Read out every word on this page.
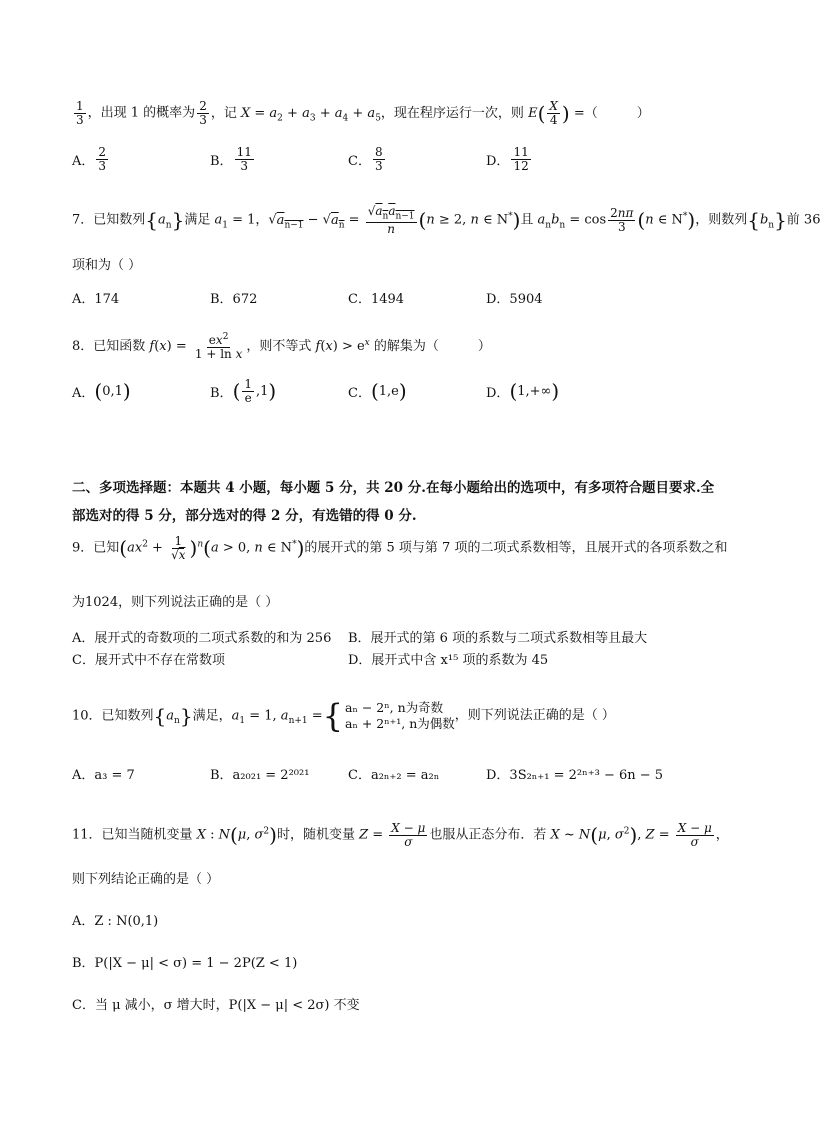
$\frac{1}{3}$ ，出现 1 的概率为 $\frac{2}{3}$ ，记 $X = a_2 + a_3 + a_4 + a_5$，现在程序运行一次，则 $E( \frac{X}{4}$ ) =（　　　）
A． $\frac{2}{3}$	B． $\frac{11}{3}$	C． $\frac{8}{3}$	D． $\frac{11}{12}$
7．已知数列$\{a_n\}$满足 $a_1 = 1$，$√a_{n-1} - √a_n = \frac{√a_na_{n-1}}{n} (n \ge 2$, n ∈ N*)且 $a_nb_n = \cos \frac{2n\pi}{3} (n$ ∈ N*)，则数列$\{b_n\}$前 36
项和为（ ）
A．174	B．672	C．1494	D．5904
8．已知函数 $f(x) = \frac{ex^2}{\text{1 + ln x}}$ ，则不等式 $f(x) > e^x$ 的解集为（　　　）
A． ( 0,1 )	B． ( $\frac{1}{e} ,1$ )	C． ( 1,e )	D． ( 1,+∞ )
二、多项选择题：本题共 4 小题，每小题 5 分，共 20 分.在每小题给出的选项中，有多项符合题目要求.全部选对的得 5 分，部分选对的得 2 分，有选错的得 0 分.
9．已知$(ax^2 + \frac{1}{√x} )^n(a > 0$, n ∈ N*)的展开式的第 5 项与第 7 项的二项式系数相等，且展开式的各项系数之和
为1024，则下列说法正确的是（ ）
A．展开式的奇数项的二项式系数的和为 256 B．展开式的第 6 项的系数与二项式系数相等且最大
C．展开式中不存在常数项	D．展开式中含 x¹⁵ 项的系数为 45
10．已知数列$\{a_n\}$满足，$a_1 = 1$, $a_{n+1}$ = { aₙ − 2ⁿ, n为奇数
aₙ + 2ⁿ⁺¹, n为偶数
，则下列说法正确的是（ ）
A．a₃ = 7	B．a₂₀₂₁ = 2²⁰²¹	C．a₂ₙ₊₂ = a₂ₙ	D．3S₂ₙ₊₁ = 2²ⁿ⁺³ − 6n − 5
11．已知当随机变量 X : N(μ, $\sigma^2$)时，随机变量 $Z = \frac{X - \mu}{\sigma}$ 也服从正态分布．若 X ~ N(μ, $\sigma^2$), $Z = \frac{X - \mu}{\sigma}$ ，
则下列结论正确的是（ ）
A．Z : N(0,1)
B．P(|X − μ| < σ) = 1 − 2P(Z < 1)
C．当 μ 减小，σ 增大时，P(|X − μ| < 2σ) 不变
